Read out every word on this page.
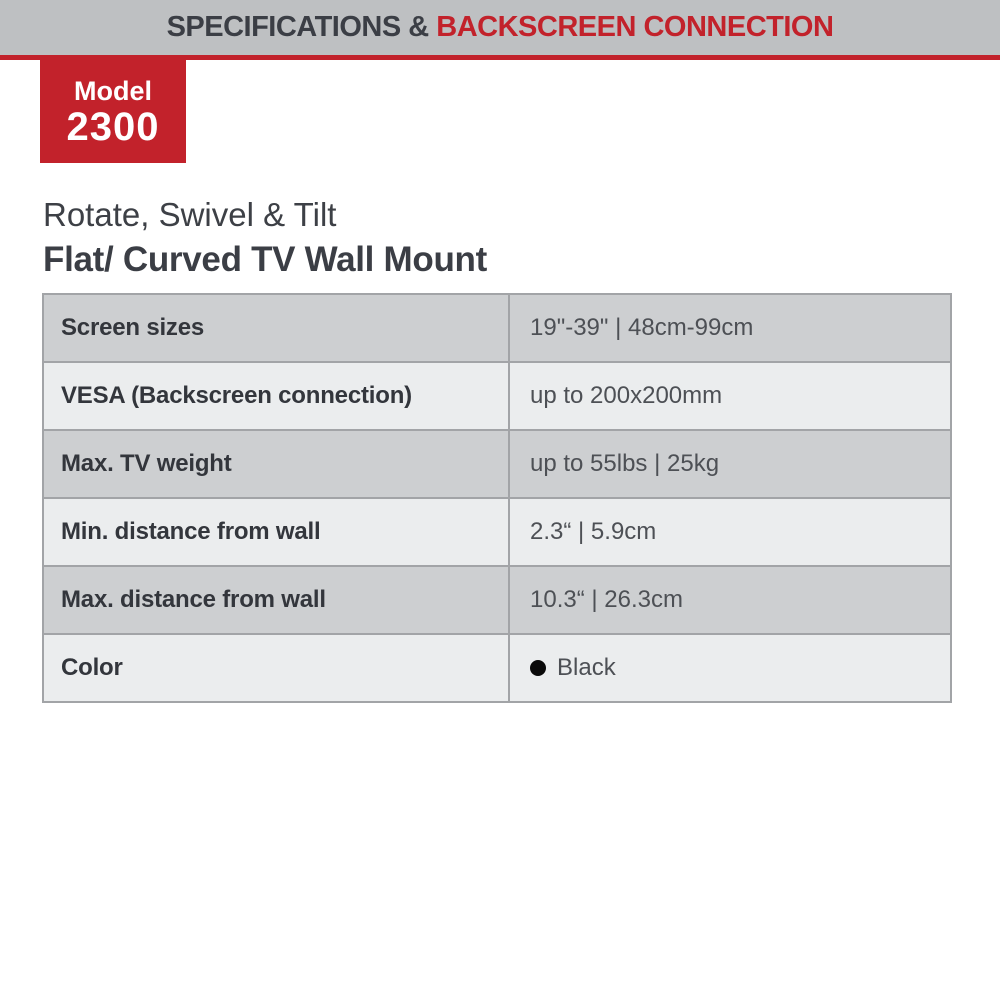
SPECIFICATIONS & BACKSCREEN CONNECTION
Model
2300
Rotate, Swivel & Tilt
Flat/ Curved TV Wall Mount
Screen sizes	19"-39" | 48cm-99cm
VESA (Backscreen connection)	up to 200x200mm
Max. TV weight	up to 55lbs | 25kg
Min. distance from wall	2.3“ | 5.9cm
Max. distance from wall	10.3“ | 26.3cm
Color	Black
